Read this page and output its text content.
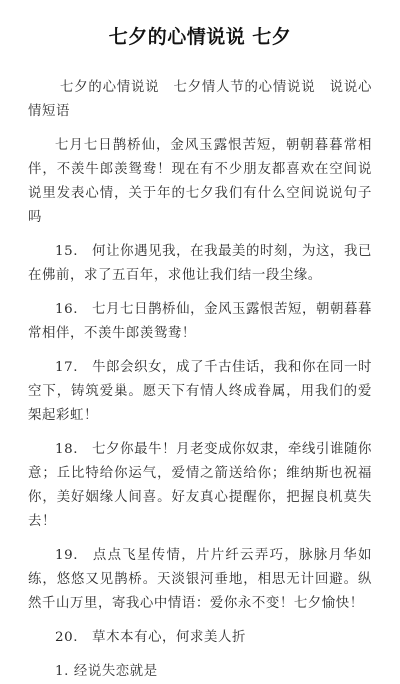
七夕的心情说说 七夕

七夕的心情说说　七夕情人节的心情说说　说说心情短语

七月七日鹊桥仙，金风玉露恨苦短，朝朝暮暮常相伴，不羡牛郎羡鸳鸯！现在有不少朋友都喜欢在空间说说里发表心情，关于年的七夕我们有什么空间说说句子吗

15. 何让你遇见我，在我最美的时刻，为这，我已在佛前，求了五百年，求他让我们结一段尘缘。

16. 七月七日鹊桥仙，金风玉露恨苦短，朝朝暮暮常相伴，不羡牛郎羡鸳鸯！

17. 牛郎会织女，成了千古佳话，我和你在同一时空下，铸筑爱巢。愿天下有情人终成眷属，用我们的爱架起彩虹！

18. 七夕你最牛！月老变成你奴隶，牵线引谁随你意；丘比特给你运气，爱情之箭送给你；维纳斯也祝福你，美好姻缘人间喜。好友真心提醒你，把握良机莫失去！

19. 点点飞星传情，片片纤云弄巧，脉脉月华如练，悠悠又见鹊桥。天淡银河垂地，相思无计回避。纵然千山万里，寄我心中情语：爱你永不变！七夕愉快！

20. 草木本有心，何求美人折

1. 经说失恋就是
